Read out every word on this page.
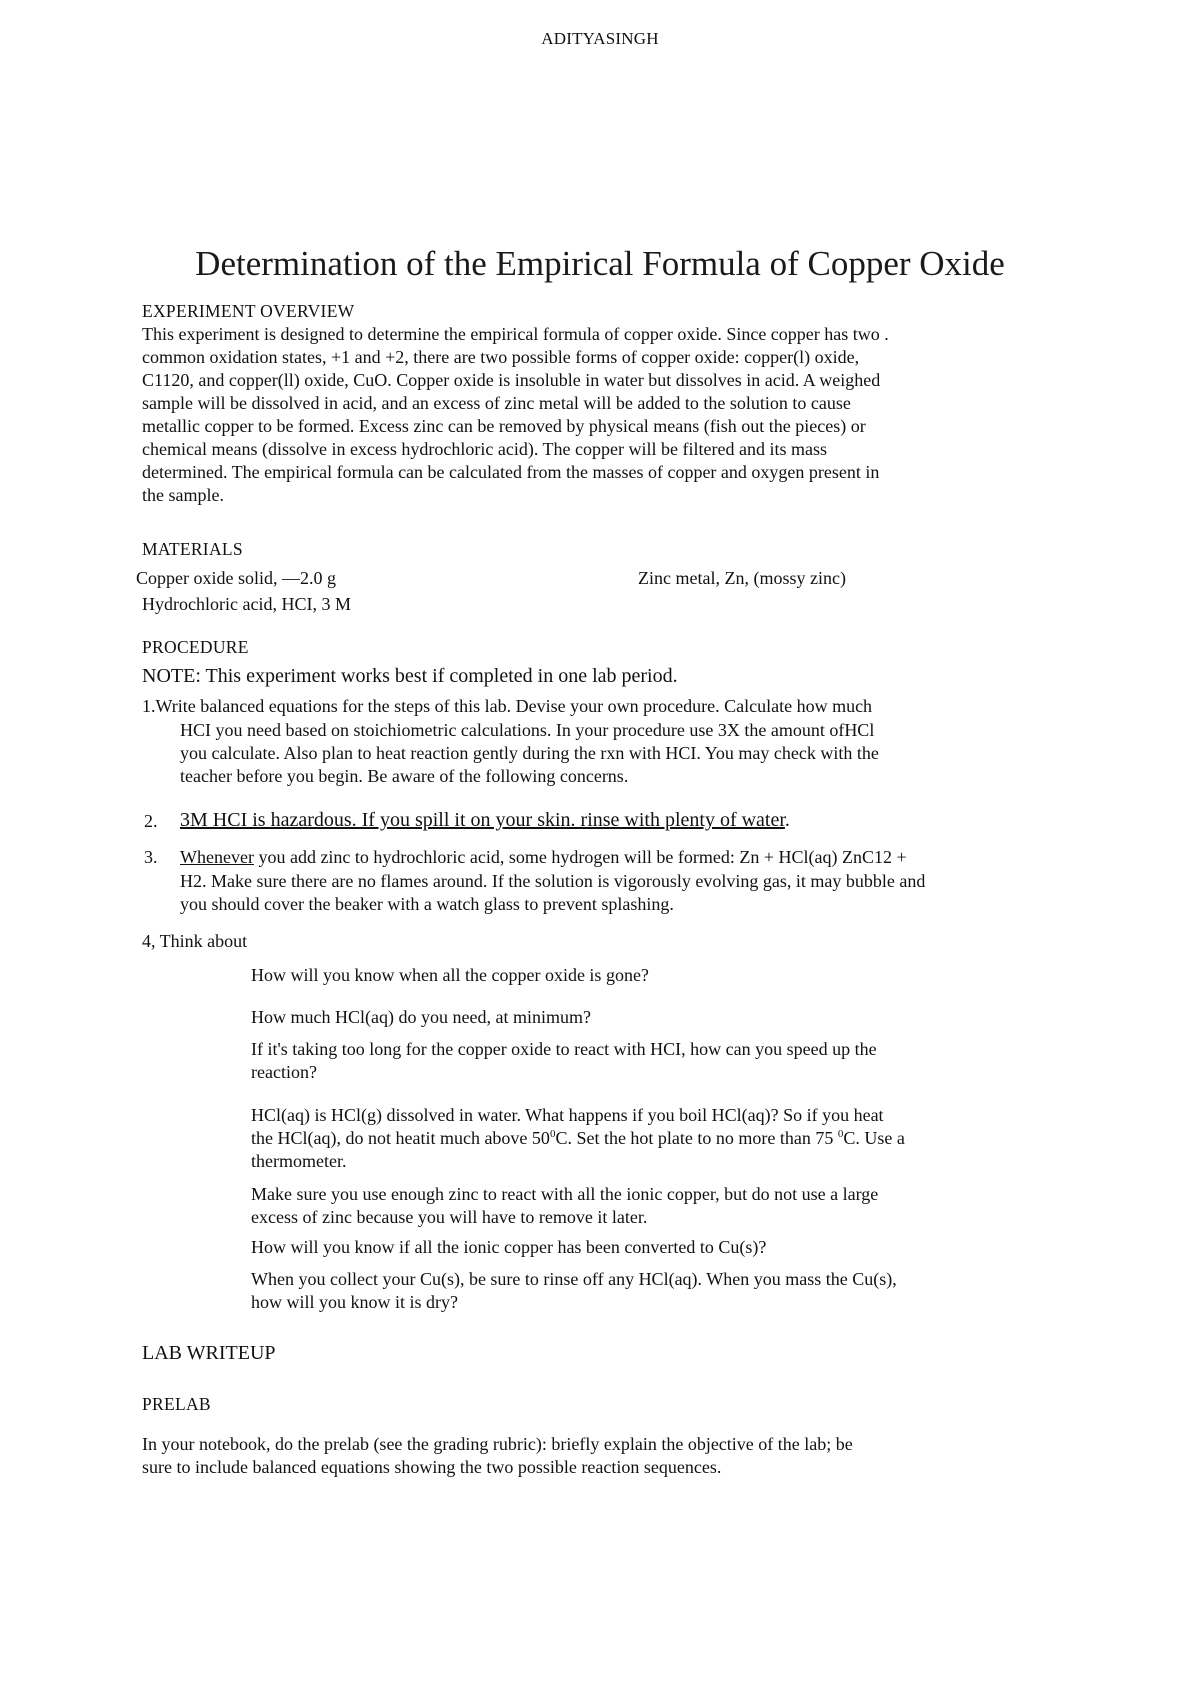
ADITYASINGH
Determination of the Empirical Formula of Copper Oxide
EXPERIMENT OVERVIEW

This experiment is designed to determine the empirical formula of copper oxide. Since copper has two .

common oxidation states, +1 and +2, there are two possible forms of copper oxide: copper(l) oxide,

C1120, and copper(ll) oxide, CuO. Copper oxide is insoluble in water but dissolves in acid. A weighed

sample will be dissolved in acid, and an excess of zinc metal will be added to the solution to cause

metallic copper to be formed. Excess zinc can be removed by physical means (fish out the pieces) or

chemical means (dissolve in excess hydrochloric acid). The copper will be filtered and its mass

determined. The empirical formula can be calculated from the masses of copper and oxygen present in

the sample.

MATERIALS
Copper oxide solid, —2.0 g	Zinc metal, Zn, (mossy zinc)
Hydrochloric acid, HCI, 3 M
PROCEDURE
NOTE: This experiment works best if completed in one lab period.
1.Write balanced equations for the steps of this lab. Devise your own procedure. Calculate how much
HCI you need based on stoichiometric calculations. In your procedure use 3X the amount ofHCl
you calculate. Also plan to heat reaction gently during the rxn with HCI. You may check with the
teacher before you begin. Be aware of the following concerns.
2. 3M HCI is hazardous. If you spill it on your skin. rinse with plenty of water.
3. Whenever you add zinc to hydrochloric acid, some hydrogen will be formed: Zn + HCl(aq) ZnC12 +
H2. Make sure there are no flames around. If the solution is vigorously evolving gas, it may bubble and
you should cover the beaker with a watch glass to prevent splashing.
4, Think about
How will you know when all the copper oxide is gone?
How much HCl(aq) do you need, at minimum?
If it's taking too long for the copper oxide to react with HCI, how can you speed up the
reaction?
HCl(aq) is HCl(g) dissolved in water. What happens if you boil HCl(aq)? So if you heat
the HCl(aq), do not heatit much above $50^0C$. Set the hot plate to no more than 75 $^0$C. Use a
thermometer.
Make sure you use enough zinc to react with all the ionic copper, but do not use a large
excess of zinc because you will have to remove it later.
How will you know if all the ionic copper has been converted to Cu(s)?
When you collect your Cu(s), be sure to rinse off any HCl(aq). When you mass the Cu(s),
how will you know it is dry?
LAB WRITEUP
PRELAB
In your notebook, do the prelab (see the grading rubric): briefly explain the objective of the lab; be
sure to include balanced equations showing the two possible reaction sequences.
